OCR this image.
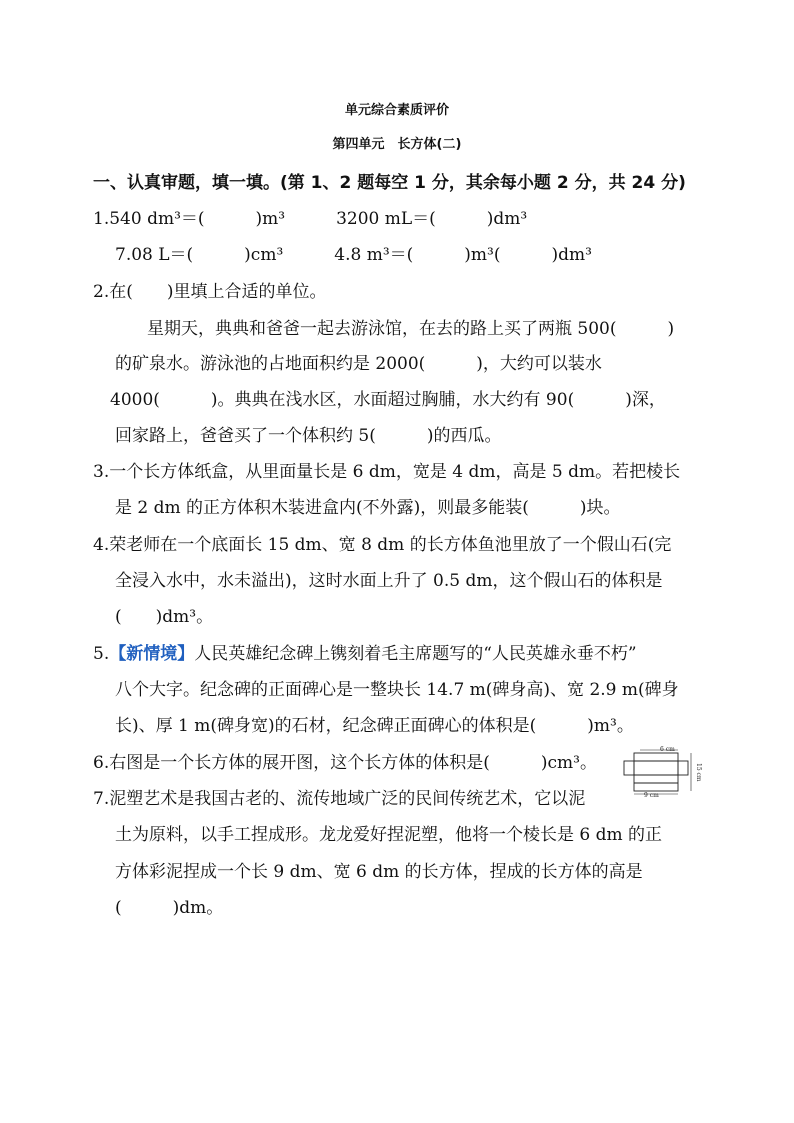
单元综合素质评价
第四单元　长方体(二)
一、认真审题，填一填。(第 1、2 题每空 1 分，其余每小题 2 分，共 24 分)
1.540 dm³＝(　　　)m³　　　3200 mL＝(　　　)dm³
7.08 L＝(　　　)cm³　　　4.8 m³＝(　　　)m³(　　　)dm³
2.在(　　)里填上合适的单位。
星期天，典典和爸爸一起去游泳馆，在去的路上买了两瓶 500(　　　)
的矿泉水。游泳池的占地面积约是 2000(　　　)，大约可以装水
4000(　　　)。典典在浅水区，水面超过胸脯，水大约有 90(　　　)深，
回家路上，爸爸买了一个体积约 5(　　　)的西瓜。
3.一个长方体纸盒，从里面量长是 6 dm，宽是 4 dm，高是 5 dm。若把棱长
是 2 dm 的正方体积木装进盒内(不外露)，则最多能装(　　　)块。
4.荣老师在一个底面长 15 dm、宽 8 dm 的长方体鱼池里放了一个假山石(完
全浸入水中，水未溢出)，这时水面上升了 0.5 dm，这个假山石的体积是
(　　)dm³。
5.【新情境】人民英雄纪念碑上镌刻着毛主席题写的“人民英雄永垂不朽”
八个大字。纪念碑的正面碑心是一整块长 14.7 m(碑身高)、宽 2.9 m(碑身
长)、厚 1 m(碑身宽)的石材，纪念碑正面碑心的体积是(　　　)m³。
6.右图是一个长方体的展开图，这个长方体的体积是(　　　)cm³。
6 cm
15 cm
9 cm
7.泥塑艺术是我国古老的、流传地域广泛的民间传统艺术，它以泥
土为原料，以手工捏成形。龙龙爱好捏泥塑，他将一个棱长是 6 dm 的正
方体彩泥捏成一个长 9 dm、宽 6 dm 的长方体，捏成的长方体的高是
(　　　)dm。
